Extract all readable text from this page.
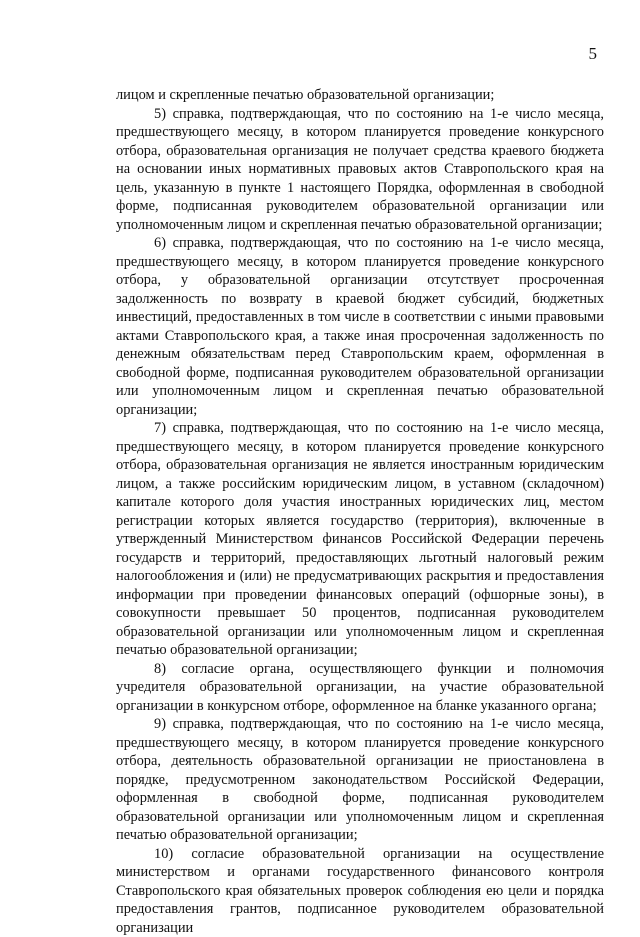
5

лицом и скрепленные печатью образовательной организации;

5) справка, подтверждающая, что по состоянию на 1-е число месяца, предшествующего месяцу, в котором планируется проведение конкурсного отбора, образовательная организация не получает средства краевого бюджета на основании иных нормативных правовых актов Ставропольского края на цель, указанную в пункте 1 настоящего Порядка, оформленная в свободной форме, подписанная руководителем образовательной организации или уполномоченным лицом и скрепленная печатью образовательной организации;

6) справка, подтверждающая, что по состоянию на 1-е число месяца, предшествующего месяцу, в котором планируется проведение конкурсного отбора, у образовательной организации отсутствует просроченная задолженность по возврату в краевой бюджет субсидий, бюджетных инвестиций, предоставленных в том числе в соответствии с иными правовыми актами Ставропольского края, а также иная просроченная задолженность по денежным обязательствам перед Ставропольским краем, оформленная в свободной форме, подписанная руководителем образовательной организации или уполномоченным лицом и скрепленная печатью образовательной организации;

7) справка, подтверждающая, что по состоянию на 1-е число месяца, предшествующего месяцу, в котором планируется проведение конкурсного отбора, образовательная организация не является иностранным юридическим лицом, а также российским юридическим лицом, в уставном (складочном) капитале которого доля участия иностранных юридических лиц, местом регистрации которых является государство (территория), включенные в утвержденный Министерством финансов Российской Федерации перечень государств и территорий, предоставляющих льготный налоговый режим налогообложения и (или) не предусматривающих раскрытия и предоставления информации при проведении финансовых операций (офшорные зоны), в совокупности превышает 50 процентов, подписанная руководителем образовательной организации или уполномоченным лицом и скрепленная печатью образовательной организации;

8) согласие органа, осуществляющего функции и полномочия учредителя образовательной организации, на участие образовательной организации в конкурсном отборе, оформленное на бланке указанного органа;

9) справка, подтверждающая, что по состоянию на 1-е число месяца, предшествующего месяцу, в котором планируется проведение конкурсного отбора, деятельность образовательной организации не приостановлена в порядке, предусмотренном законодательством Российской Федерации, оформленная в свободной форме, подписанная руководителем образовательной организации или уполномоченным лицом и скрепленная печатью образовательной организации;

10) согласие образовательной организации на осуществление министерством и органами государственного финансового контроля Ставропольского края обязательных проверок соблюдения ею цели и порядка предоставления грантов, подписанное руководителем образовательной организации
